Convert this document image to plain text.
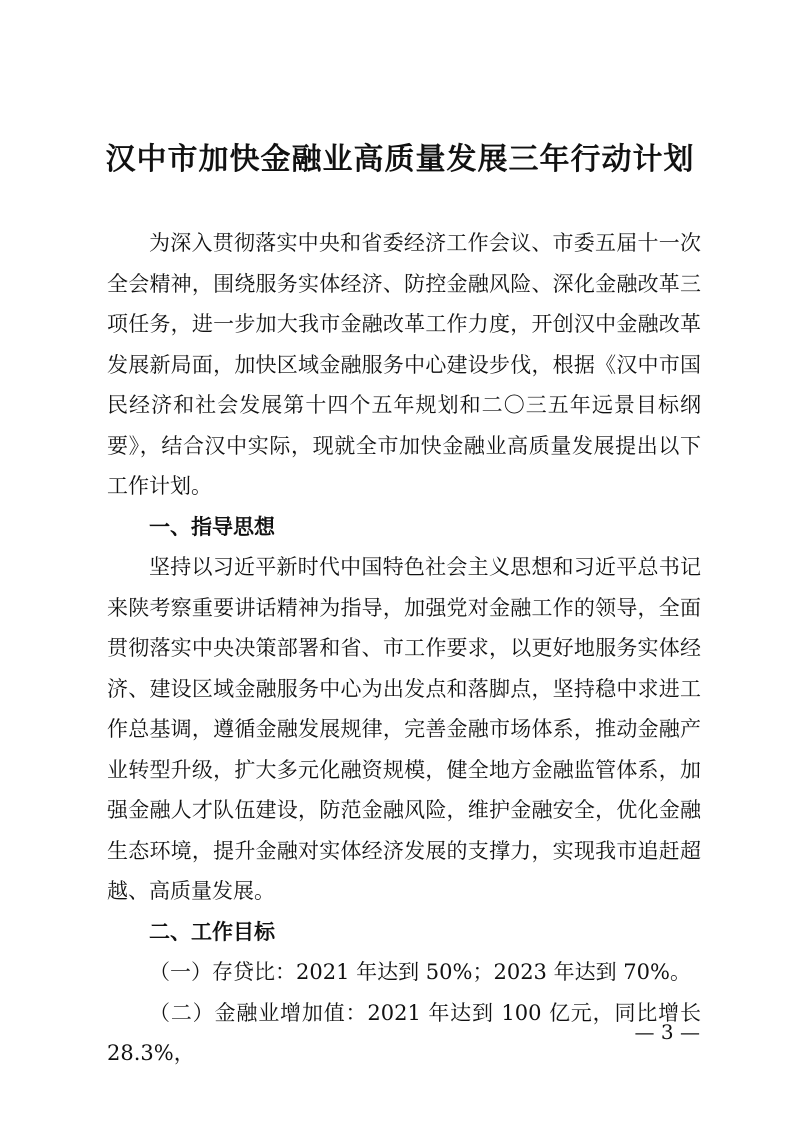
汉中市加快金融业高质量发展三年行动计划

为深入贯彻落实中央和省委经济工作会议、市委五届十一次全会精神，围绕服务实体经济、防控金融风险、深化金融改革三项任务，进一步加大我市金融改革工作力度，开创汉中金融改革发展新局面，加快区域金融服务中心建设步伐，根据《汉中市国民经济和社会发展第十四个五年规划和二〇三五年远景目标纲要》，结合汉中实际，现就全市加快金融业高质量发展提出以下工作计划。

一、指导思想

坚持以习近平新时代中国特色社会主义思想和习近平总书记来陕考察重要讲话精神为指导，加强党对金融工作的领导，全面贯彻落实中央决策部署和省、市工作要求，以更好地服务实体经济、建设区域金融服务中心为出发点和落脚点，坚持稳中求进工作总基调，遵循金融发展规律，完善金融市场体系，推动金融产业转型升级，扩大多元化融资规模，健全地方金融监管体系，加强金融人才队伍建设，防范金融风险，维护金融安全，优化金融生态环境，提升金融对实体经济发展的支撑力，实现我市追赶超越、高质量发展。

二、工作目标

（一）存贷比：2021 年达到 50%；2023 年达到 70%。

（二）金融业增加值：2021 年达到 100 亿元，同比增长 28.3%，

— 3 —
